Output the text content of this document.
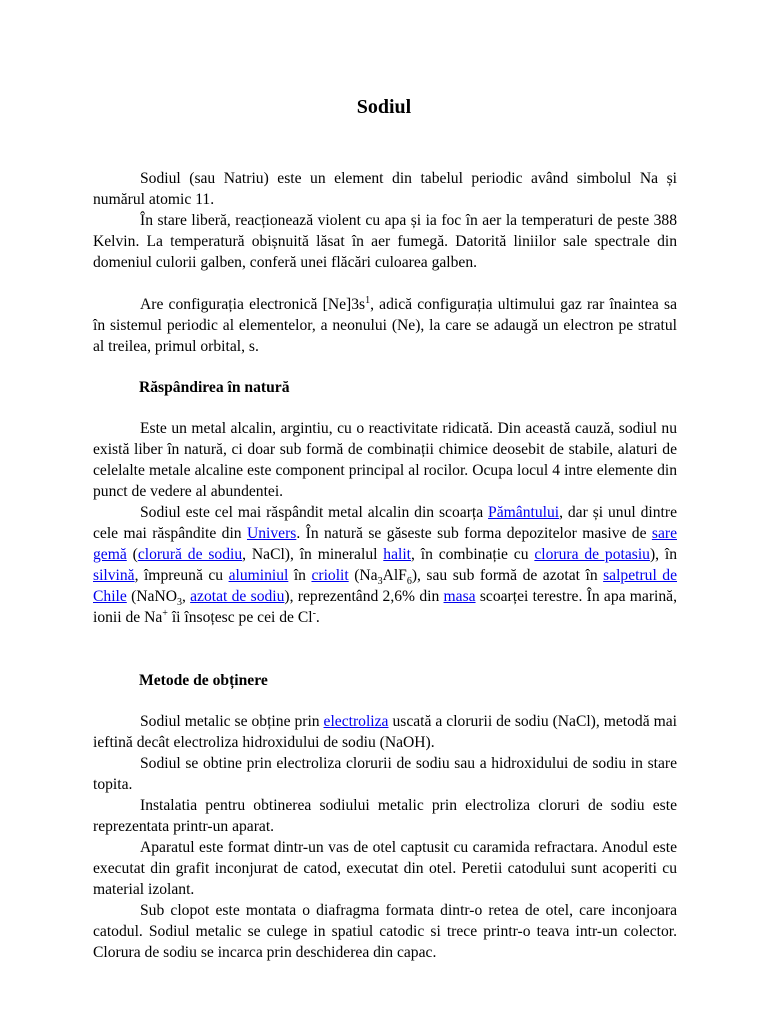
Sodiul
Sodiul (sau Natriu) este un element din tabelul periodic având simbolul Na și numărul atomic 11.
În stare liberă, reacționează violent cu apa și ia foc în aer la temperaturi de peste 388 Kelvin. La temperatură obișnuită lăsat în aer fumegă. Datorită liniilor sale spectrale din domeniul culorii galben, conferă unei flăcări culoarea galben.
Are configurația electronică $[Ne]3s^1$, adică configurația ultimului gaz rar înaintea sa în sistemul periodic al elementelor, a neonului (Ne), la care se adaugă un electron pe stratul al treilea, primul orbital, s.
Răspândirea în natură
Este un metal alcalin, argintiu, cu o reactivitate ridicată. Din această cauză, sodiul nu există liber în natură, ci doar sub formă de combinații chimice deosebit de stabile, alaturi de celelalte metale alcaline este component principal al rocilor. Ocupa locul 4 intre elemente din punct de vedere al abundentei.
Sodiul este cel mai răspândit metal alcalin din scoarța Pământului, dar și unul dintre cele mai răspândite din Univers. În natură se găseste sub forma depozitelor masive de sare gemă (clorură de sodiu, NaCl), în mineralul halit, în combinație cu clorura de potasiu), în silvină, împreună cu aluminiul în criolit $(Na_3AlF_6)$, sau sub formă de azotat în salpetrul de Chile (NaNO$_3$, azotat de sodiu), reprezentând 2,6% din masa scoarței terestre. În apa marină, ionii de Na+ îi însoțesc pe cei de Cl-.
Metode de obținere
Sodiul metalic se obține prin electroliza uscată a clorurii de sodiu (NaCl), metodă mai ieftină decât electroliza hidroxidului de sodiu (NaOH).
Sodiul se obtine prin electroliza clorurii de sodiu sau a hidroxidului de sodiu in stare topita.
Instalatia pentru obtinerea sodiului metalic prin electroliza cloruri de sodiu este reprezentata printr-un aparat.
Aparatul este format dintr-un vas de otel captusit cu caramida refractara. Anodul este executat din grafit inconjurat de catod, executat din otel. Peretii catodului sunt acoperiti cu material izolant.
Sub clopot este montata o diafragma formata dintr-o retea de otel, care inconjoara catodul. Sodiul metalic se culege in spatiul catodic si trece printr-o teava intr-un colector. Clorura de sodiu se incarca prin deschiderea din capac.
